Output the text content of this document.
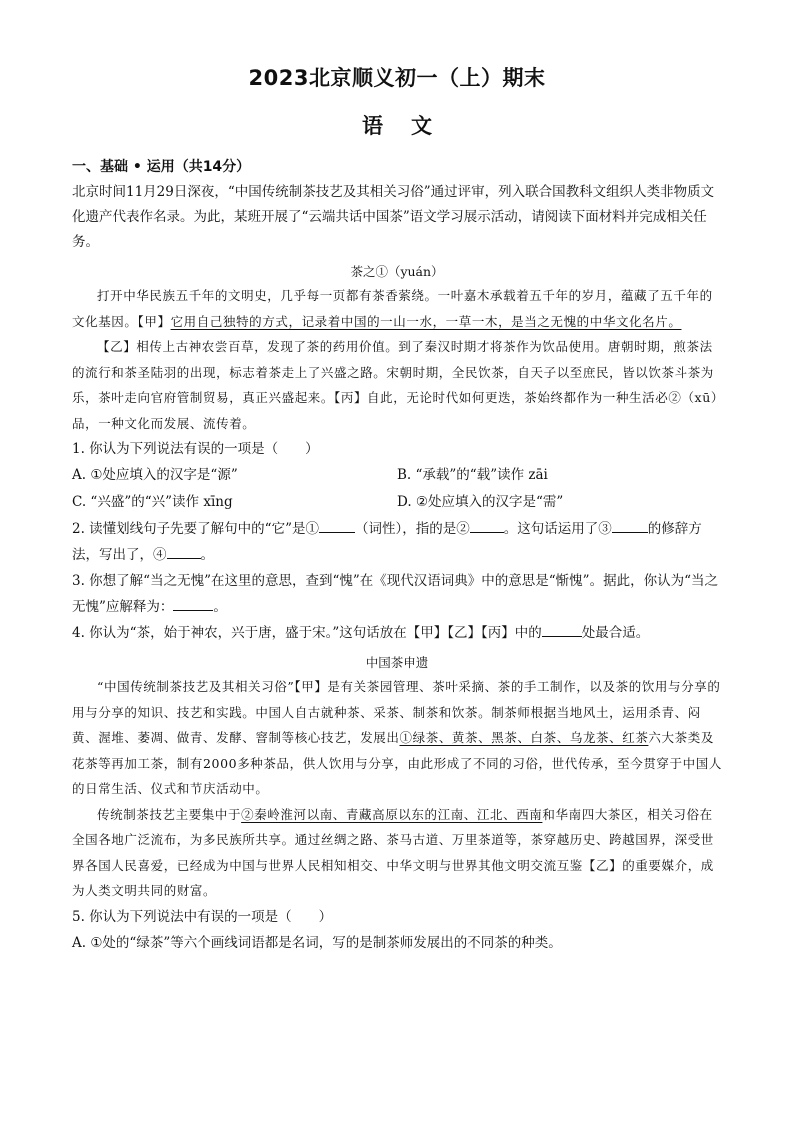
2023北京顺义初一（上）期末
语文
一、基础 • 运用（共14分）

北京时间11月29日深夜，“中国传统制茶技艺及其相关习俗”通过评审，列入联合国教科文组织人类非物质文化遗产代表作名录。为此，某班开展了“云端共话中国茶”语文学习展示活动，请阅读下面材料并完成相关任务。

茶之①（yuán）

打开中华民族五千年的文明史，几乎每一页都有茶香萦绕。一叶嘉木承载着五千年的岁月，蕴藏了五千年的文化基因。【甲】它用自己独特的方式，记录着中国的一山一水，一草一木，是当之无愧的中华文化名片。

【乙】相传上古神农尝百草，发现了茶的药用价值。到了秦汉时期才将茶作为饮品使用。唐朝时期，煎茶法的流行和茶圣陆羽的出现，标志着茶走上了兴盛之路。宋朝时期，全民饮茶，自天子以至庶民，皆以饮茶斗茶为乐，茶叶走向官府管制贸易，真正兴盛起来。【丙】自此，无论时代如何更迭，茶始终都作为一种生活必②（xū）品，一种文化而发展、流传着。

1. 你认为下列说法有误的一项是（　　）

A. ①处应填入的汉字是“源”	B. “承载”的“载”读作 zāi
C. “兴盛”的“兴”读作 xīng	D. ②处应填入的汉字是“需”

2. 读懂划线句子先要了解句中的“它”是①	（词性），指的是②	。这句话运用了③	的修辞方法，写出了，④	。

3. 你想了解“当之无愧”在这里的意思，查到“愧”在《现代汉语词典》中的意思是“惭愧”。据此，你认为“当之无愧”应解释为：	。

4. 你认为“茶，始于神农，兴于唐，盛于宋。”这句话放在【甲】【乙】【丙】中的	处最合适。

中国茶申遗

“中国传统制茶技艺及其相关习俗”【甲】是有关茶园管理、茶叶采摘、茶的手工制作，以及茶的饮用与分享的用与分享的知识、技艺和实践。中国人自古就种茶、采茶、制茶和饮茶。制茶师根据当地风土，运用杀青、闷黄、渥堆、萎凋、做青、发酵、窨制等核心技艺，发展出①绿茶、黄茶、黑茶、白茶、乌龙茶、红茶六大茶类及花茶等再加工茶，制有2000多种茶品，供人饮用与分享，由此形成了不同的习俗，世代传承，至今贯穿于中国人的日常生活、仪式和节庆活动中。

传统制茶技艺主要集中于②秦岭淮河以南、青藏高原以东的江南、江北、西南和华南四大茶区，相关习俗在全国各地广泛流布，为多民族所共享。通过丝绸之路、茶马古道、万里茶道等，茶穿越历史、跨越国界，深受世界各国人民喜爱，已经成为中国与世界人民相知相交、中华文明与世界其他文明交流互鉴【乙】的重要媒介，成为人类文明共同的财富。

5. 你认为下列说法中有误的一项是（　　）

A. ①处的“绿茶”等六个画线词语都是名词，写的是制茶师发展出的不同茶的种类。
